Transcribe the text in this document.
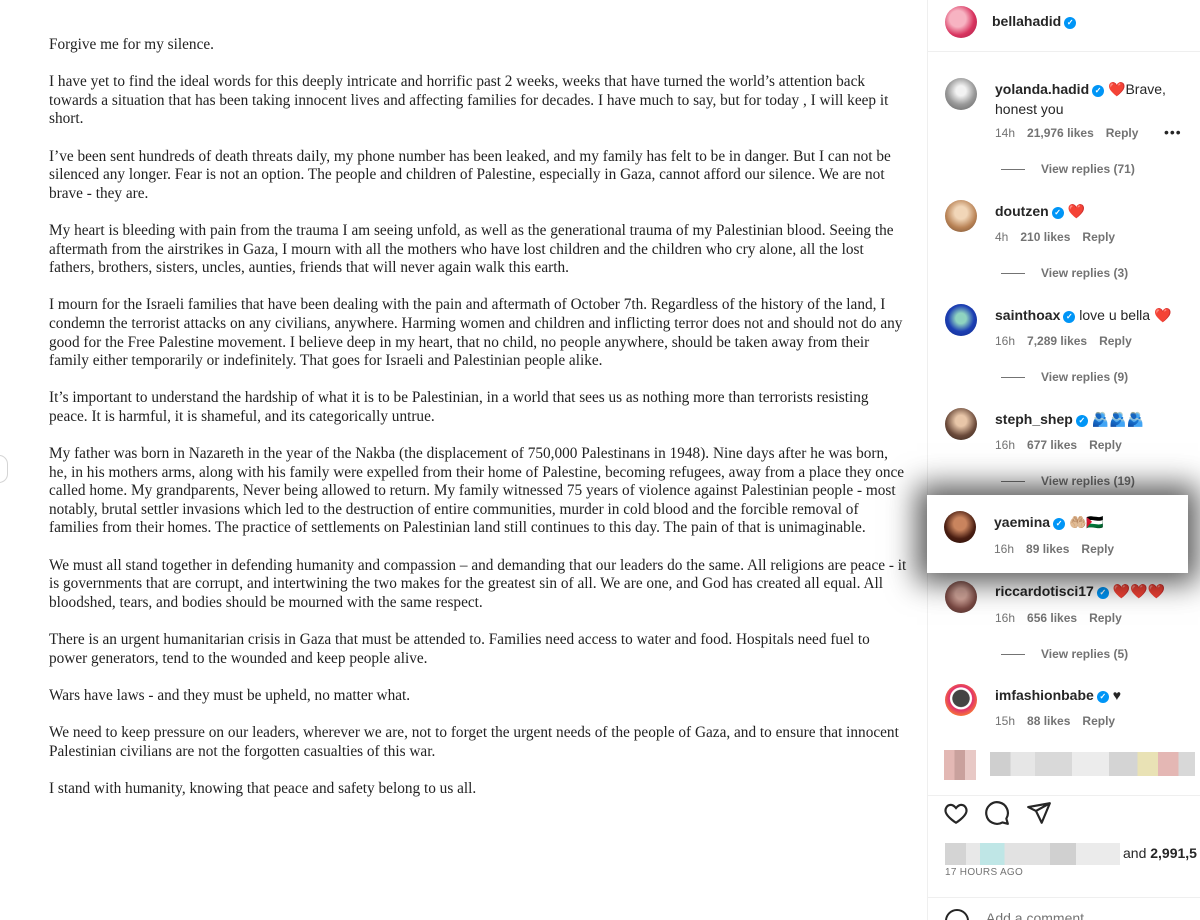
Forgive me for my silence.

I have yet to find the ideal words for this deeply intricate and horrific past 2 weeks, weeks that have turned the world’s attention back towards a situation that has been taking innocent lives and affecting families for decades. I have much to say, but for today , I will keep it short.

I’ve been sent hundreds of death threats daily, my phone number has been leaked, and my family has felt to be in danger. But I can not be silenced any longer. Fear is not an option. The people and children of Palestine, especially in Gaza, cannot afford our silence. We are not brave - they are.

My heart is bleeding with pain from the trauma I am seeing unfold, as well as the generational trauma of my Palestinian blood. Seeing the aftermath from the airstrikes in Gaza, I mourn with all the mothers who have lost children and the children who cry alone, all the lost fathers, brothers, sisters, uncles, aunties, friends that will never again walk this earth.

I mourn for the Israeli families that have been dealing with the pain and aftermath of October 7th. Regardless of the history of the land, I condemn the terrorist attacks on any civilians, anywhere. Harming women and children and inflicting terror does not and should not do any good for the Free Palestine movement. I believe deep in my heart, that no child, no people anywhere, should be taken away from their family either temporarily or indefinitely. That goes for Israeli and Palestinian people alike.

It’s important to understand the hardship of what it is to be Palestinian, in a world that sees us as nothing more than terrorists resisting peace. It is harmful, it is shameful, and its categorically untrue.

My father was born in Nazareth in the year of the Nakba (the displacement of 750,000 Palestinans in 1948). Nine days after he was born, he, in his mothers arms, along with his family were expelled from their home of Palestine, becoming refugees, away from a place they once called home. My grandparents, Never being allowed to return. My family witnessed 75 years of violence against Palestinian people - most notably, brutal settler invasions which led to the destruction of entire communities, murder in cold blood and the forcible removal of families from their homes. The practice of settlements on Palestinian land still continues to this day. The pain of that is unimaginable.

We must all stand together in defending humanity and compassion – and demanding that our leaders do the same. All religions are peace - it is governments that are corrupt, and intertwining the two makes for the greatest sin of all. We are one, and God has created all equal. All bloodshed, tears, and bodies should be mourned with the same respect.

There is an urgent humanitarian crisis in Gaza that must be attended to. Families need access to water and food. Hospitals need fuel to power generators, tend to the wounded and keep people alive.

Wars have laws - and they must be upheld, no matter what.

We need to keep pressure on our leaders, wherever we are, not to forget the urgent needs of the people of Gaza, and to ensure that innocent Palestinian civilians are not the forgotten casualties of this war.

I stand with humanity, knowing that peace and safety belong to us all.

bellahadid ✓
yolanda.hadid ✓ ❤️Brave, honest you
14h 21,976 likes Reply	•••
View replies (71)
doutzen ✓ ❤️
4h 210 likes Reply
View replies (3)
sainthoax ✓ love u bella ❤️
16h 7,289 likes Reply
View replies (9)
steph_shep ✓ 🫂🫂🫂
16h 677 likes Reply
View replies (19)
riccardotisci17 ✓ ❤️❤️❤️
16h 656 likes Reply
View replies (5)
imfashionbabe ✓ ♥
15h 88 likes Reply
and 2,991,5
17 HOURS AGO
Add a comment...
yaemina ✓ 🤲🏼🇵🇸
16h 89 likes Reply
